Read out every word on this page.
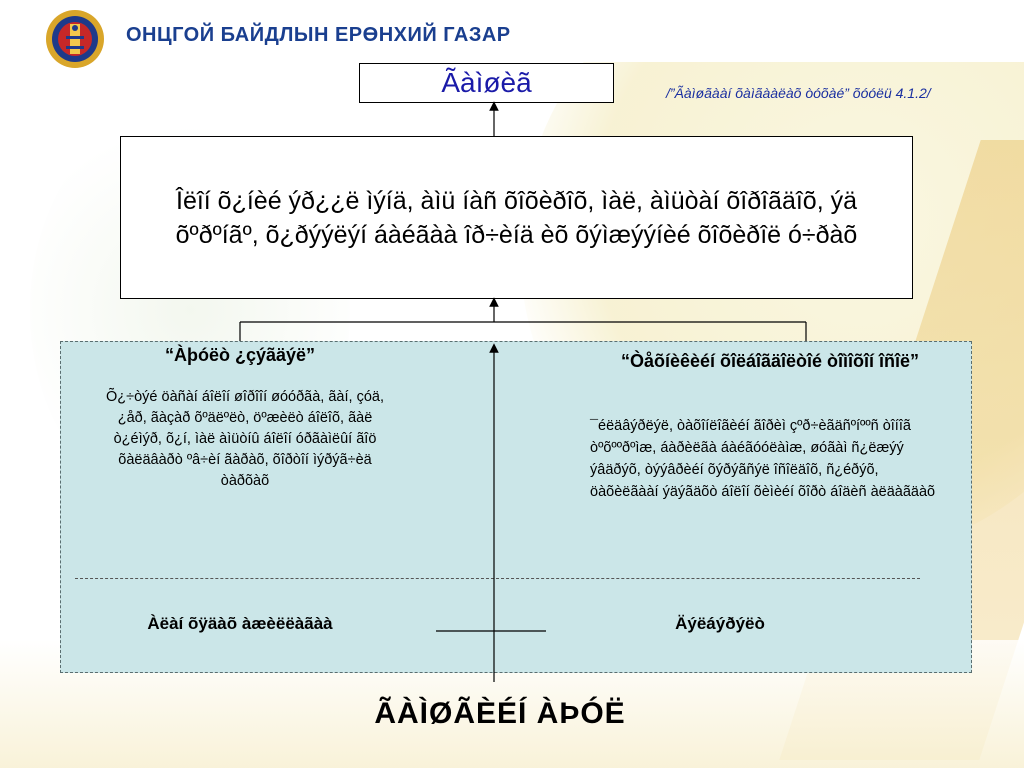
ОНЦГОЙ БАЙДЛЫН ЕРӨНХИЙ ГАЗАР
Ãàìøèã	/”Ãàìøãààí õàìãààëàõ òóõàé” õóóëü 4.1.2/

Îëîí õ¿íèé ýð¿¿ë ìýíä, àìü íàñ õîõèðîõ, ìàë, àìüòàí õîðîãäîõ, ýä õºðºíãº, õ¿ðýýëýí áàéãàà îð÷èíä èõ õýìæýýíèé õîõèðîë ó÷ðàõ

“Àþóëò ¿çýãäýë”
Õ¿÷òýé öàñàí áîëîí øîðîîí øóóðãà, ãàí, çóä, ¿åð, ãàçàð õºäëºëò, öºæèëò áîëîõ, ãàë ò¿éìýð, õ¿í, ìàë àìüòíû áîëîí óðãàìëûí ãîö õàëäâàðò ºâ÷èí ãàðàõ, õîðòîí ìýðýã÷èä òàðõàõ
“Òåõíèêèéí õîëáîãäîëòîé òîìîõîí îñîë”
¯éëäâýðëýë, òàõîíëîãèéí ãîðèì çºð÷èãäñºíººñ òîíîã òºõººðºìæ, áàðèëãà áàéãóóëàìæ, øóãàì ñ¿ëæýý ýâäðýõ, òýýâðèéí õýðýãñýë îñîëäîõ, ñ¿éðýõ, öàõèëãààí ýäýãäõò áîëîí õèìèéí õîðò áîäèñ àëäàãäàõ
Àëàí õÿäàõ àæèëëàãàà	Äýëáýðýëò
ÃÀÌØÃÈÉÍ ÀÞÓË
